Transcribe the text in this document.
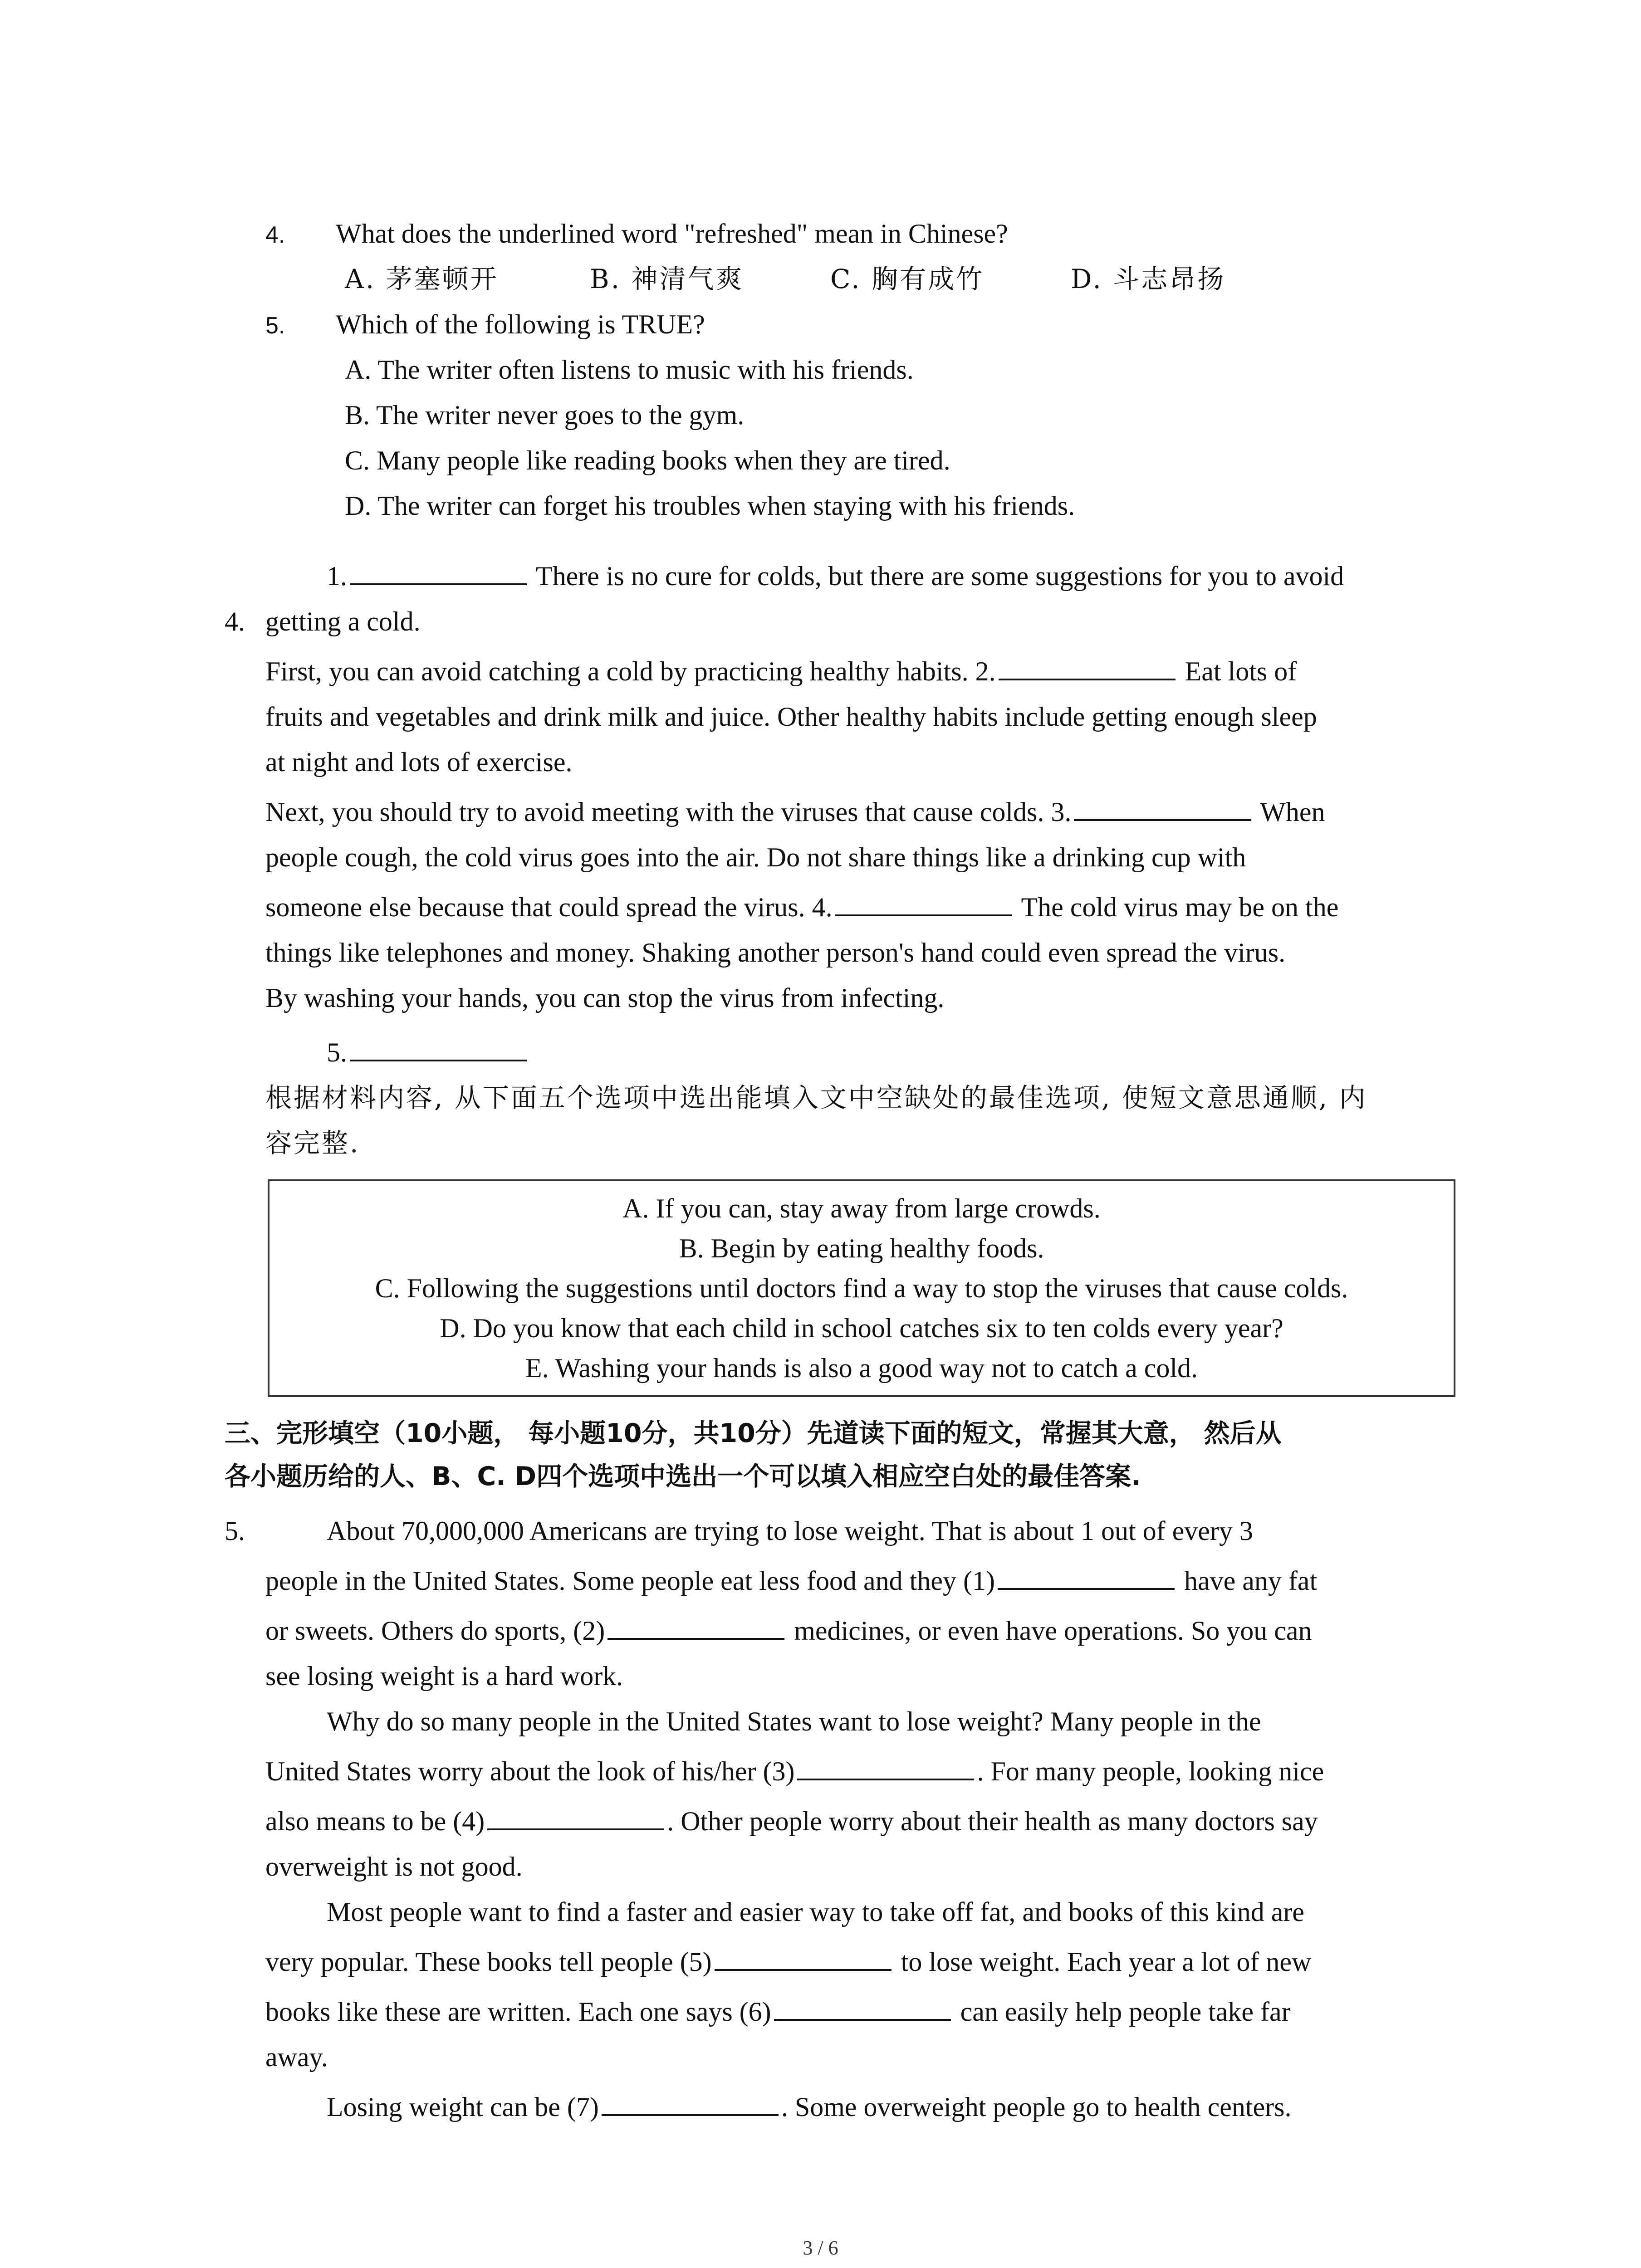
4. What does the underlined word "refreshed" mean in Chinese?
A. 茅塞顿开	B. 神清气爽	C. 胸有成竹	D. 斗志昂扬
5. Which of the following is TRUE?
A. The writer often listens to music with his friends.
B. The writer never goes to the gym.
C. Many people like reading books when they are tired.
D. The writer can forget his troubles when staying with his friends.
1.	There is no cure for colds, but there are some suggestions for you to avoid
4. getting a cold.
First, you can avoid catching a cold by practicing healthy habits. 2.	Eat lots of
fruits and vegetables and drink milk and juice. Other healthy habits include getting enough sleep
at night and lots of exercise.
Next, you should try to avoid meeting with the viruses that cause colds. 3.	When
people cough, the cold virus goes into the air. Do not share things like a drinking cup with
someone else because that could spread the virus. 4.	The cold virus may be on the
things like telephones and money. Shaking another person's hand could even spread the virus.
By washing your hands, you can stop the virus from infecting.
5.
根据材料内容, 从下面五个选项中选出能填入文中空缺处的最佳选项, 使短文意思通顺, 内
容完整.
A. If you can, stay away from large crowds.
B. Begin by eating healthy foods.
C. Following the suggestions until doctors find a way to stop the viruses that cause colds.
D. Do you know that each child in school catches six to ten colds every year?
E. Washing your hands is also a good way not to catch a cold.
三、完形填空（10小题， 每小题10分，共10分）先道读下面的短文，常握其大意， 然后从
各小题历给的人、B、C. D四个选项中选出一个可以填入相应空白处的最佳答案.
5.	About 70,000,000 Americans are trying to lose weight. That is about 1 out of every 3
people in the United States. Some people eat less food and they (1)	have any fat
or sweets. Others do sports, (2)	medicines, or even have operations. So you can
see losing weight is a hard work.
Why do so many people in the United States want to lose weight? Many people in the
United States worry about the look of his/her (3)	. For many people, looking nice
also means to be (4)	. Other people worry about their health as many doctors say
overweight is not good.
Most people want to find a faster and easier way to take off fat, and books of this kind are
very popular. These books tell people (5)	to lose weight. Each year a lot of new
books like these are written. Each one says (6)	can easily help people take far
away.
Losing weight can be (7)	. Some overweight people go to health centers.
3 / 6
